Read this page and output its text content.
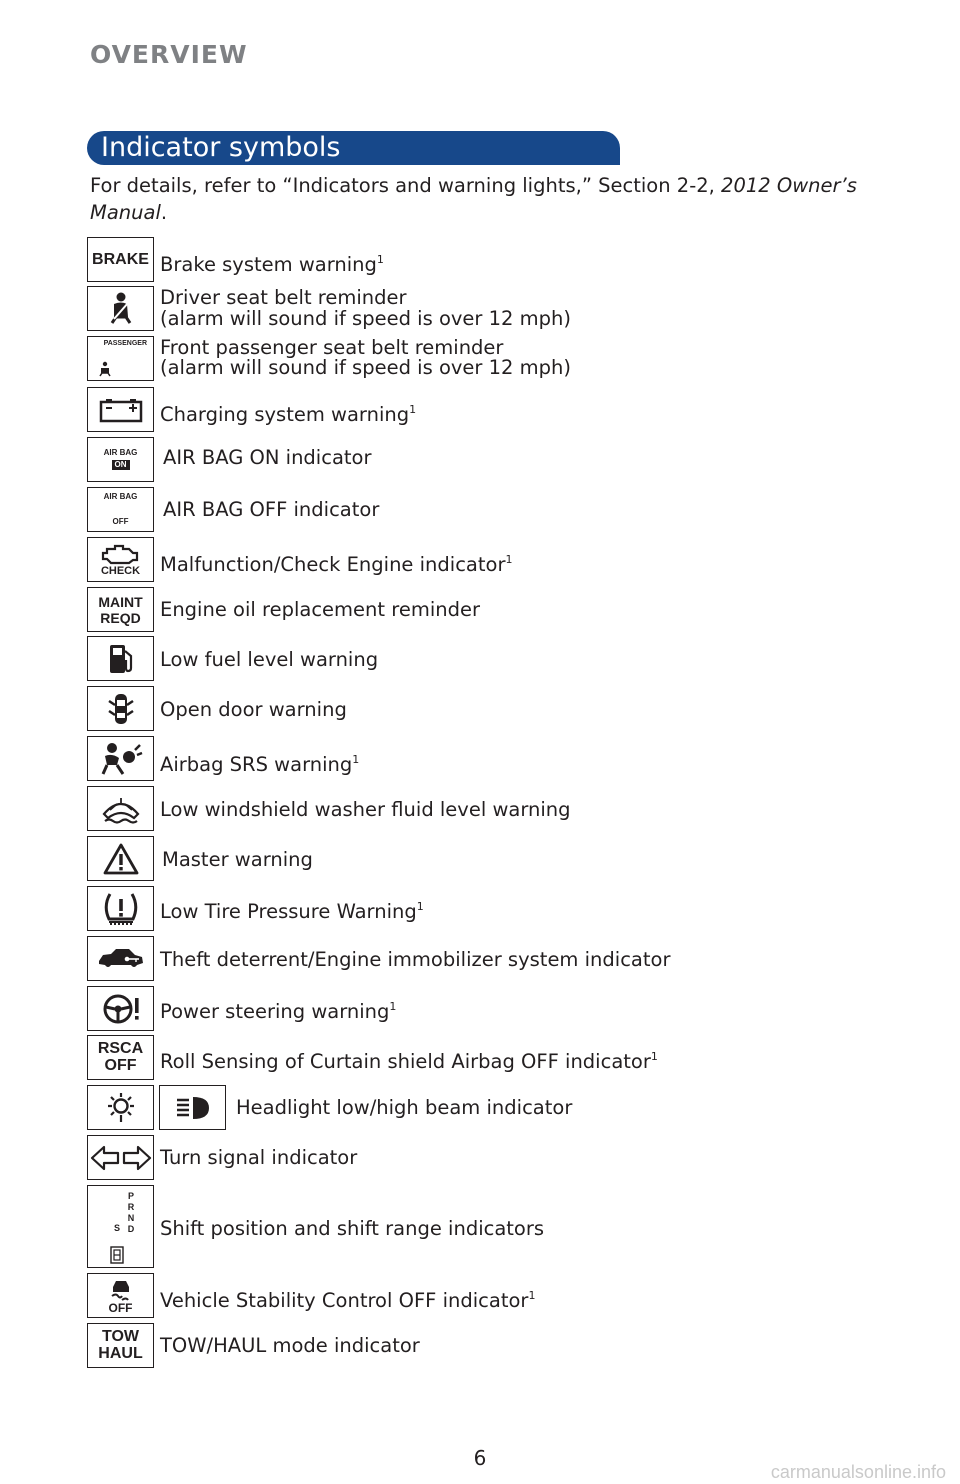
OVERVIEW
Indicator symbols
For details, refer to “Indicators and warning lights,” Section 2-2, 2012 Owner’s Manual.
BRAKE Brake system warning$^1$
Driver seat belt reminder
(alarm will sound if speed is over 12 mph)
PASSENGER Front passenger seat belt reminder
(alarm will sound if speed is over 12 mph)
Charging system warning$^1$
AIR BAG
ON AIR BAG ON indicator
AIR BAG
OFF
AIR BAG OFF indicator
CHECK Malfunction/Check Engine indicator$^1$
MAINT
REQD Engine oil replacement reminder
Low fuel level warning
Open door warning
Airbag SRS warning$^1$
Low windshield washer fluid level warning
Master warning
Low Tire Pressure Warning$^1$
Theft deterrent/Engine immobilizer system indicator
Power steering warning$^1$
RSCA
OFF Roll Sensing of Curtain shield Airbag OFF indicator$^1$
Headlight low/high beam indicator
Turn signal indicator
P R N D
S Shift position and shift range indicators
OFF Vehicle Stability Control OFF indicator$^1$
TOW
HAUL TOW/HAUL mode indicator
6
carmanualsonline.info
